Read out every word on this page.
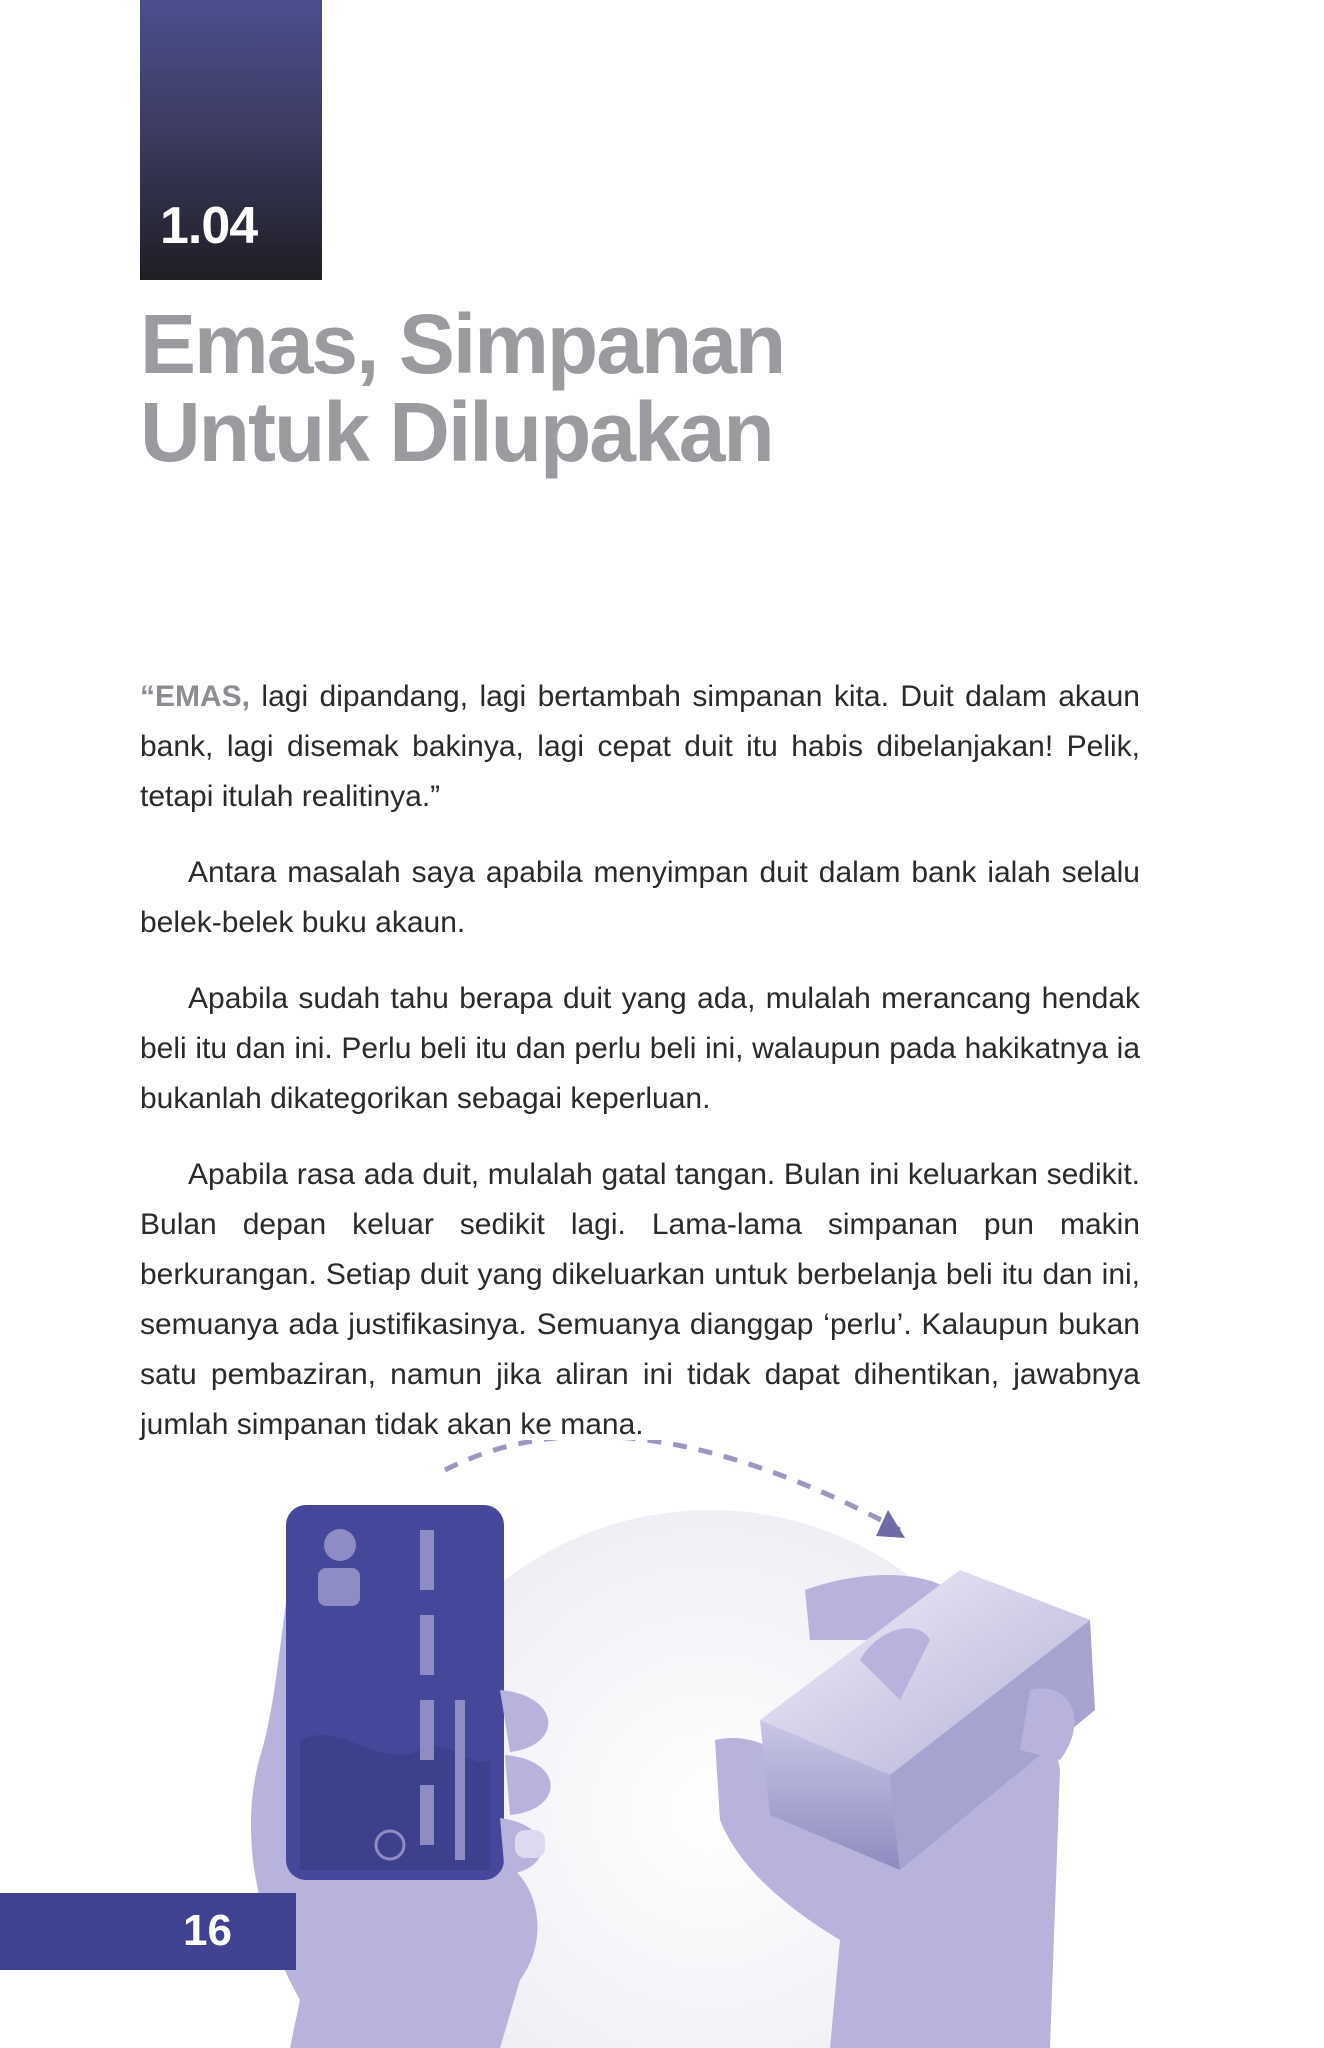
1.04
Emas, Simpanan
Untuk Dilupakan

“EMAS, lagi dipandang, lagi bertambah simpanan kita. Duit dalam akaun bank, lagi disemak bakinya, lagi cepat duit itu habis dibelanjakan! Pelik, tetapi itulah realitinya.”

Antara masalah saya apabila menyimpan duit dalam bank ialah selalu belek-belek buku akaun.

Apabila sudah tahu berapa duit yang ada, mulalah merancang hendak beli itu dan ini. Perlu beli itu dan perlu beli ini, walaupun pada hakikatnya ia bukanlah dikategorikan sebagai keperluan.

Apabila rasa ada duit, mulalah gatal tangan. Bulan ini keluarkan sedikit. Bulan depan keluar sedikit lagi. Lama-lama simpanan pun makin berkurangan. Setiap duit yang dikeluarkan untuk berbelanja beli itu dan ini, semuanya ada justifikasinya. Semuanya dianggap ‘perlu’. Kalaupun bukan satu pembaziran, namun jika aliran ini tidak dapat dihentikan, jawabnya jumlah simpanan tidak akan ke mana.

16
